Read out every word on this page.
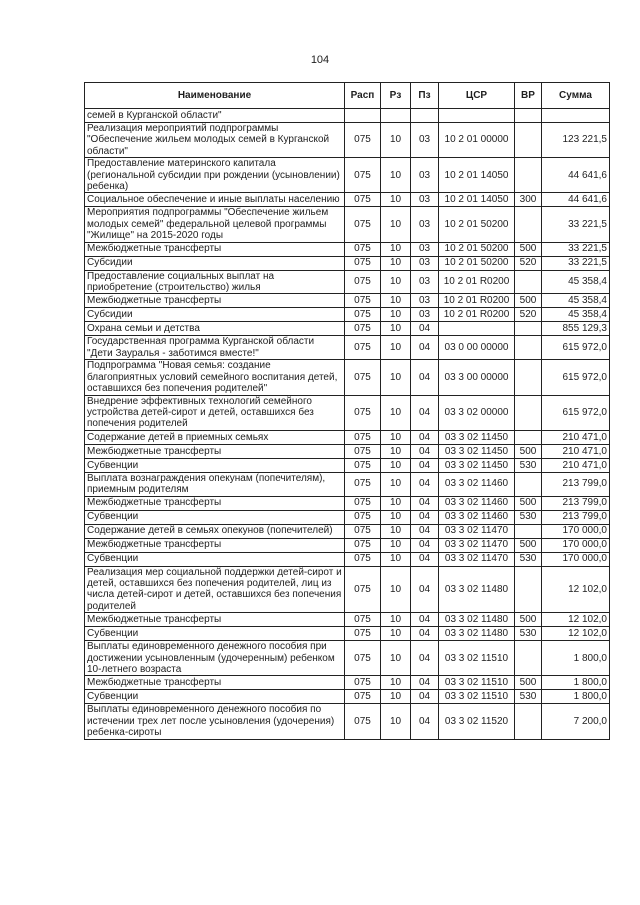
104
Наименование	Расп	Рз	Пз	ЦСР	ВР	Сумма
семей в Курганской области"						
Реализация мероприятий подпрограммы "Обеспечение жильем молодых семей в Курганской области"	075	10	03	10 2 01 00000		123 221,5
Предоставление материнского капитала (региональной субсидии при рождении (усыновлении) ребенка)	075	10	03	10 2 01 14050		44 641,6
Социальное обеспечение и иные выплаты населению	075	10	03	10 2 01 14050	300	44 641,6
Мероприятия подпрограммы "Обеспечение жильем молодых семей" федеральной целевой программы "Жилище" на 2015-2020 годы	075	10	03	10 2 01 50200		33 221,5
Межбюджетные трансферты	075	10	03	10 2 01 50200	500	33 221,5
Субсидии	075	10	03	10 2 01 50200	520	33 221,5
Предоставление социальных выплат на приобретение (строительство) жилья	075	10	03	10 2 01 R0200		45 358,4
Межбюджетные трансферты	075	10	03	10 2 01 R0200	500	45 358,4
Субсидии	075	10	03	10 2 01 R0200	520	45 358,4
Охрана семьи и детства	075	10	04			855 129,3
Государственная программа Курганской области "Дети Зауралья - заботимся вместе!"	075	10	04	03 0 00 00000		615 972,0
Подпрограмма "Новая семья: создание благоприятных условий семейного воспитания детей, оставшихся без попечения родителей"	075	10	04	03 3 00 00000		615 972,0
Внедрение эффективных технологий семейного устройства детей-сирот и детей, оставшихся без попечения родителей	075	10	04	03 3 02 00000		615 972,0
Содержание детей в приемных семьях	075	10	04	03 3 02 11450		210 471,0
Межбюджетные трансферты	075	10	04	03 3 02 11450	500	210 471,0
Субвенции	075	10	04	03 3 02 11450	530	210 471,0
Выплата вознаграждения опекунам (попечителям), приемным родителям	075	10	04	03 3 02 11460		213 799,0
Межбюджетные трансферты	075	10	04	03 3 02 11460	500	213 799,0
Субвенции	075	10	04	03 3 02 11460	530	213 799,0
Содержание детей в семьях опекунов (попечителей)	075	10	04	03 3 02 11470		170 000,0
Межбюджетные трансферты	075	10	04	03 3 02 11470	500	170 000,0
Субвенции	075	10	04	03 3 02 11470	530	170 000,0
Реализация мер социальной поддержки детей-сирот и детей, оставшихся без попечения родителей, лиц из числа детей-сирот и детей, оставшихся без попечения родителей	075	10	04	03 3 02 11480		12 102,0
Межбюджетные трансферты	075	10	04	03 3 02 11480	500	12 102,0
Субвенции	075	10	04	03 3 02 11480	530	12 102,0
Выплаты единовременного денежного пособия при достижении усыновленным (удочеренным) ребенком 10-летнего возраста	075	10	04	03 3 02 11510		1 800,0
Межбюджетные трансферты	075	10	04	03 3 02 11510	500	1 800,0
Субвенции	075	10	04	03 3 02 11510	530	1 800,0
Выплаты единовременного денежного пособия по истечении трех лет после усыновления (удочерения) ребенка-сироты	075	10	04	03 3 02 11520		7 200,0
